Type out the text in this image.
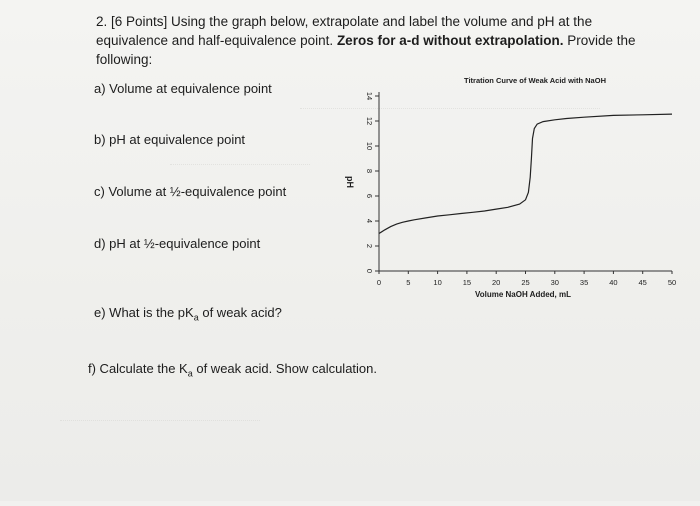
2. [6 Points] Using the graph below, extrapolate and label the volume and pH at the equivalence and half-equivalence point. Zeros for a-d without extrapolation. Provide the following:
a) Volume at equivalence point
b) pH at equivalence point
c) Volume at ½-equivalence point
d) pH at ½-equivalence point
e) What is the $pK_a$ of weak acid?
f) Calculate the $K_a$ of weak acid. Show calculation.
Titration Curve of Weak Acid with NaOH
0
2
4
6
8
10
12
14
0	5	10	15	20	25	30	35	40	45	50
Volume NaOH Added, mL
pH
